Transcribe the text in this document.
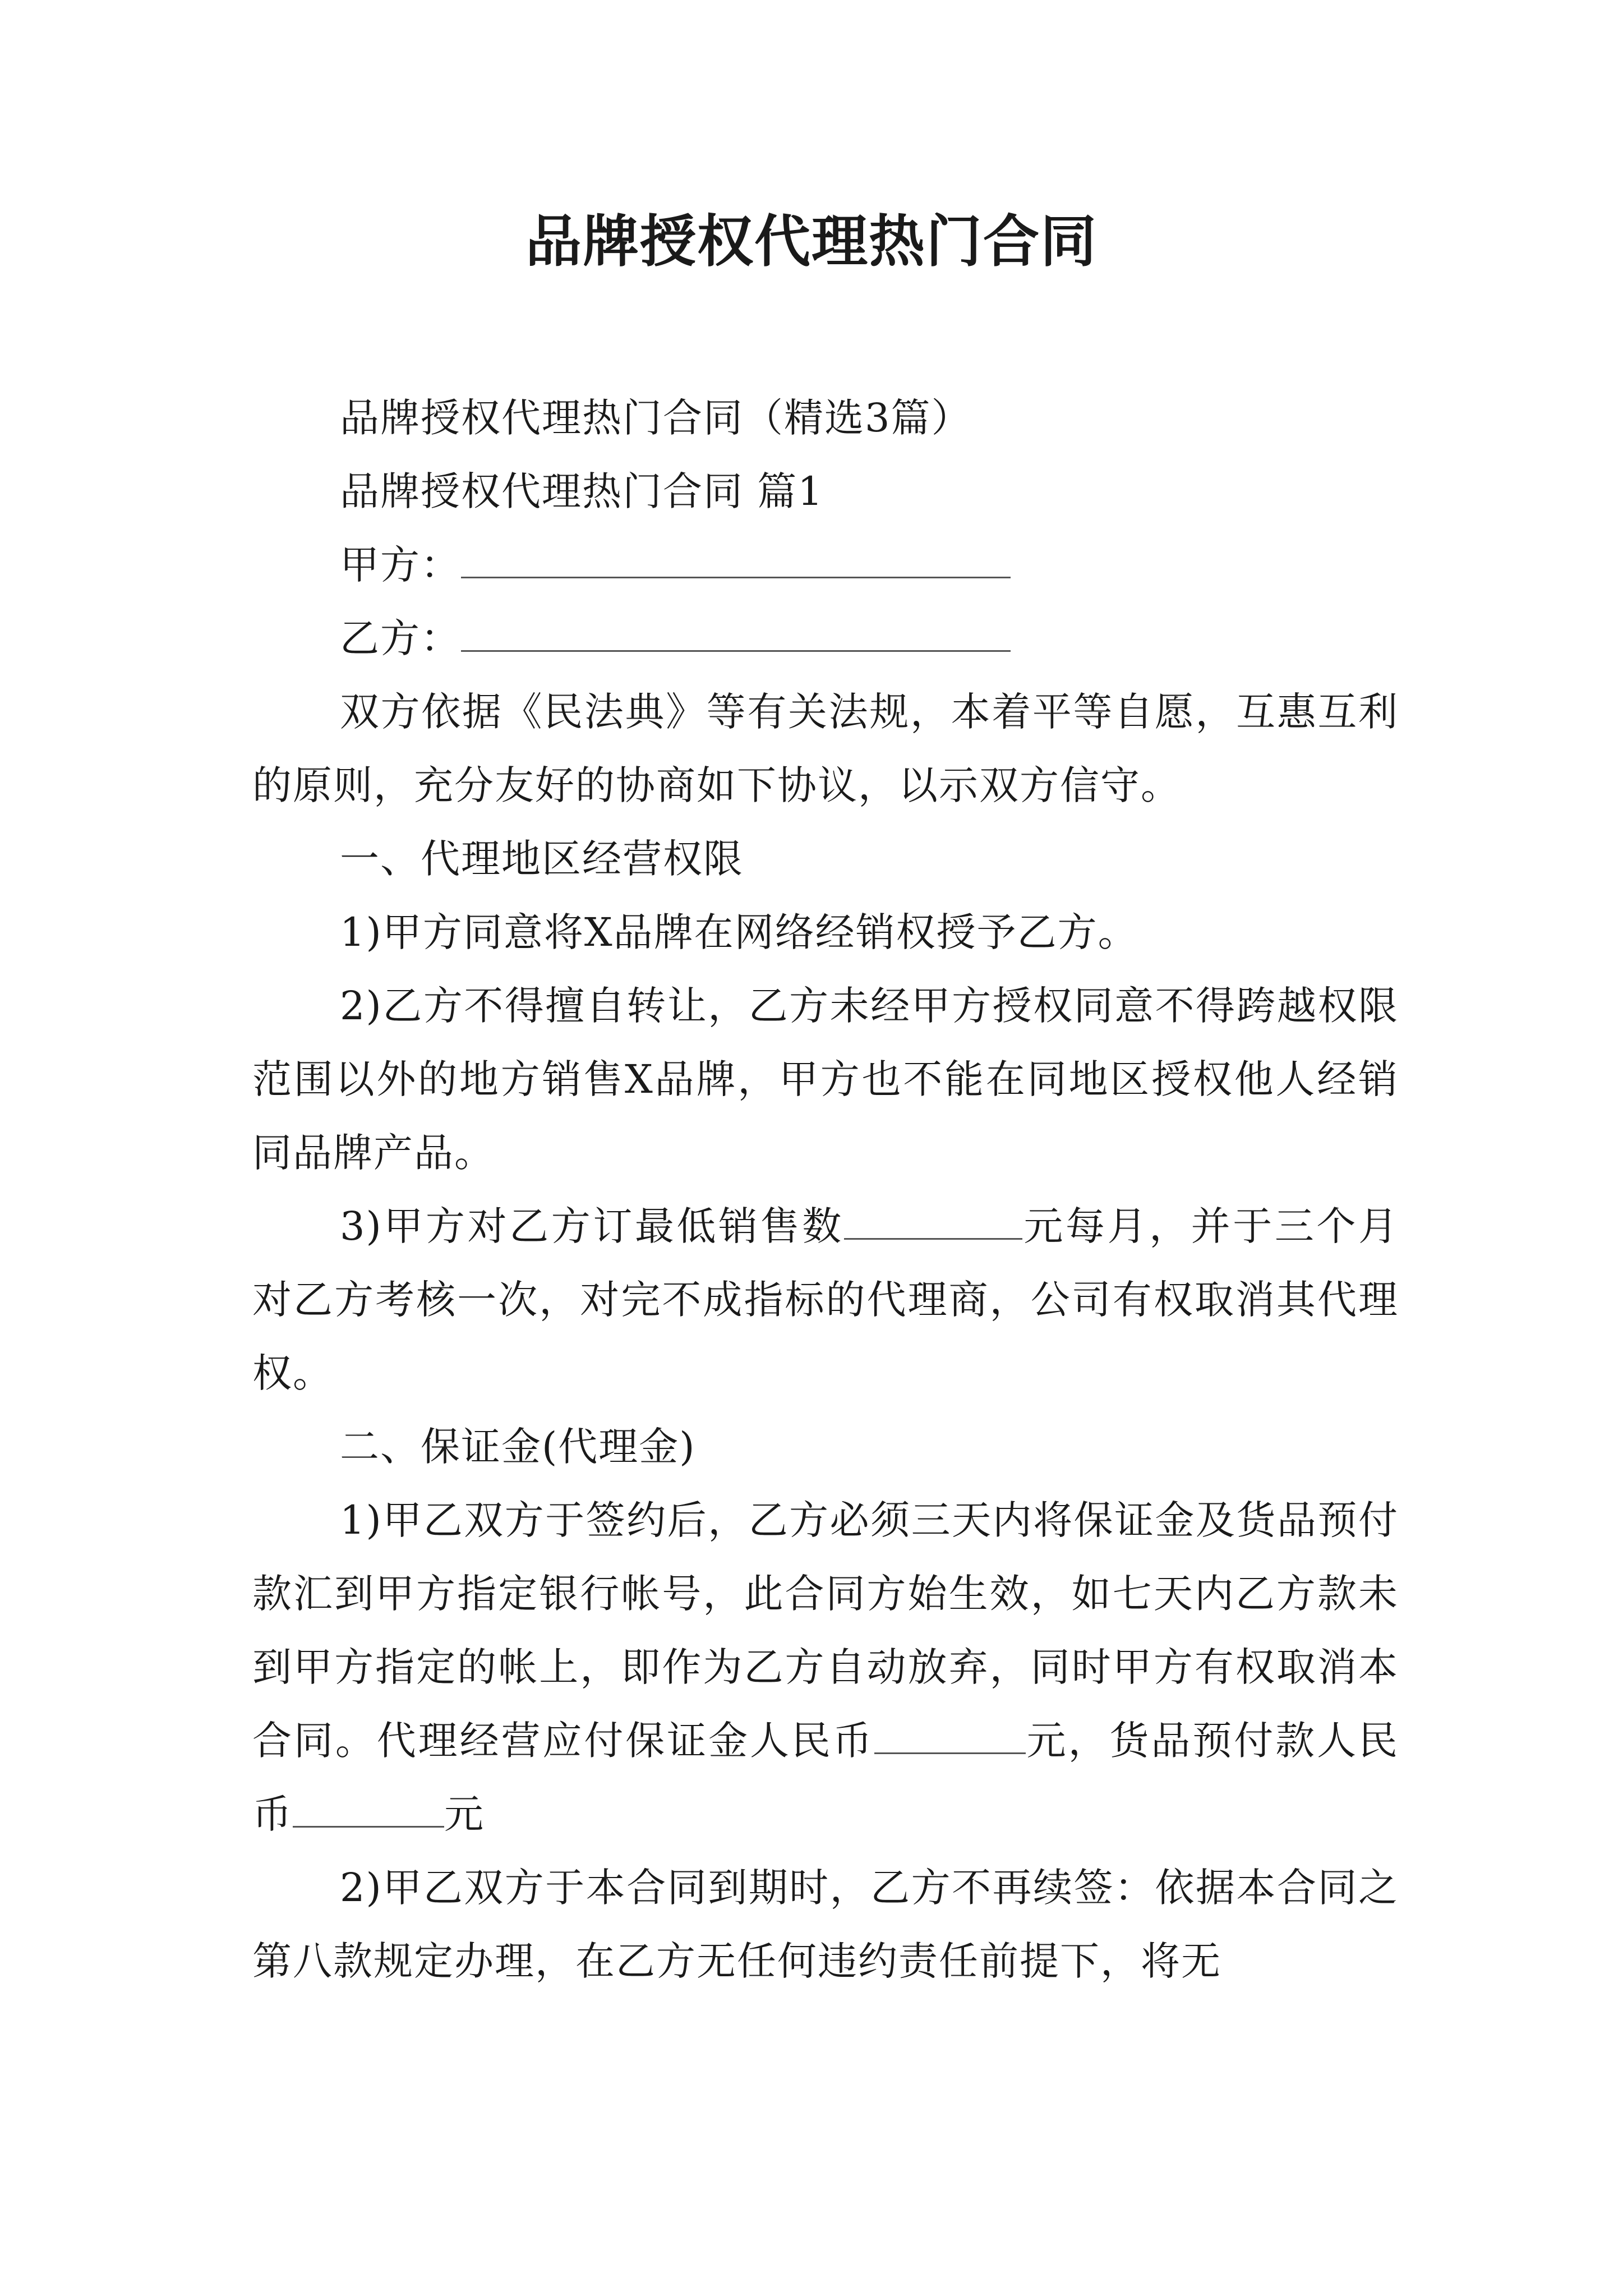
品牌授权代理热门合同

品牌授权代理热门合同（精选3篇）

品牌授权代理热门合同 篇1

甲方：

乙方：

双方依据《民法典》等有关法规，本着平等自愿，互惠互利的原则，充分友好的协商如下协议，以示双方信守。

一、代理地区经营权限

1)甲方同意将X品牌在网络经销权授予乙方。

2)乙方不得擅自转让，乙方未经甲方授权同意不得跨越权限范围以外的地方销售X品牌，甲方也不能在同地区授权他人经销同品牌产品。

3)甲方对乙方订最低销售数	元每月，并于三个月对乙方考核一次，对完不成指标的代理商，公司有权取消其代理权。

二、保证金(代理金)

1)甲乙双方于签约后，乙方必须三天内将保证金及货品预付款汇到甲方指定银行帐号，此合同方始生效，如七天内乙方款未到甲方指定的帐上，即作为乙方自动放弃，同时甲方有权取消本合同。代理经营应付保证金人民币	元，货品预付款人民币	元

2)甲乙双方于本合同到期时，乙方不再续签：依据本合同之第八款规定办理，在乙方无任何违约责任前提下，将无
